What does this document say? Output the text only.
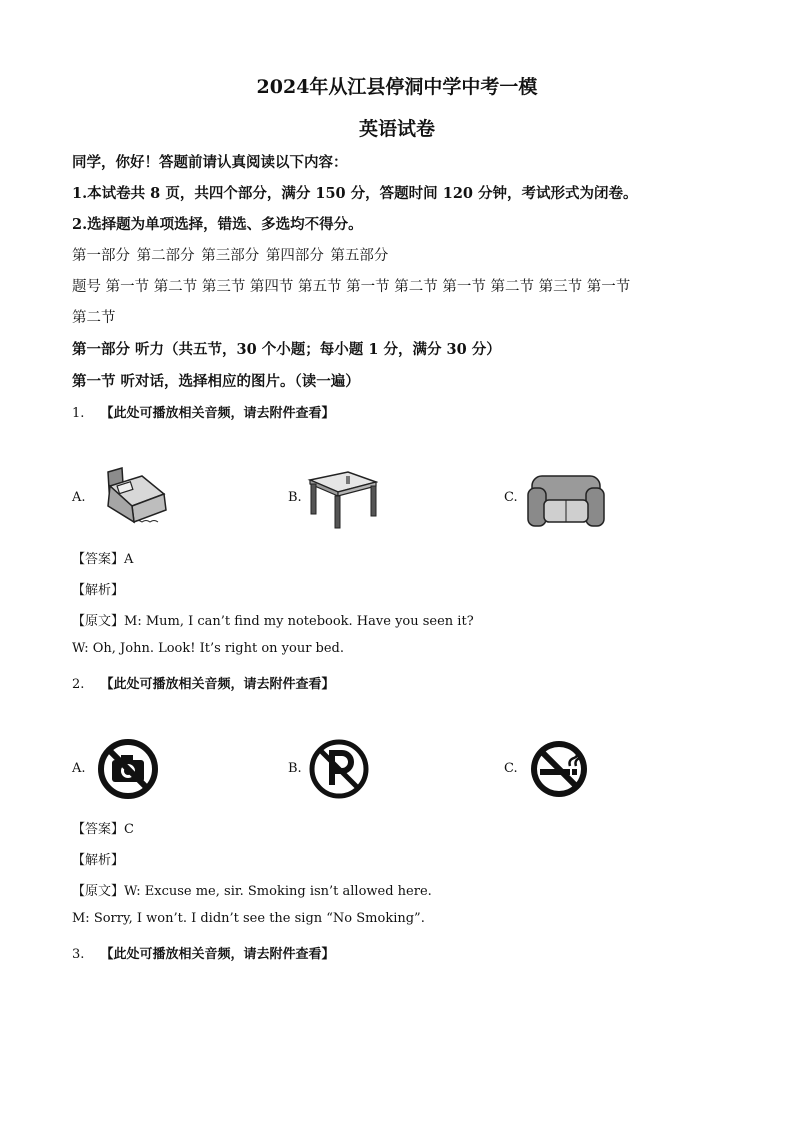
2024年从江县停洞中学中考一模
英语试卷
同学，你好！答题前请认真阅读以下内容：
1.本试卷共 8 页，共四个部分，满分 150 分，答题时间 120 分钟，考试形式为闭卷。
2.选择题为单项选择，错选、多选均不得分。
第一部分 第二部分 第三部分 第四部分 第五部分
题号 第一节 第二节 第三节 第四节 第五节 第一节 第二节 第一节 第二节 第三节 第一节
第二节
第一部分 听力（共五节，30 个小题；每小题 1 分，满分 30 分）
第一节 听对话，选择相应的图片。（读一遍）
1. 【此处可播放相关音频，请去附件查看】
A.	B.	C.
【答案】A
【解析】
【原文】M: Mum, I can’t find my notebook. Have you seen it?
W: Oh, John. Look! It’s right on your bed.
2. 【此处可播放相关音频，请去附件查看】
A.	B.	C.
【答案】C
【解析】
【原文】W: Excuse me, sir. Smoking isn’t allowed here.
M: Sorry, I won’t. I didn’t see the sign “No Smoking”.
3. 【此处可播放相关音频，请去附件查看】
